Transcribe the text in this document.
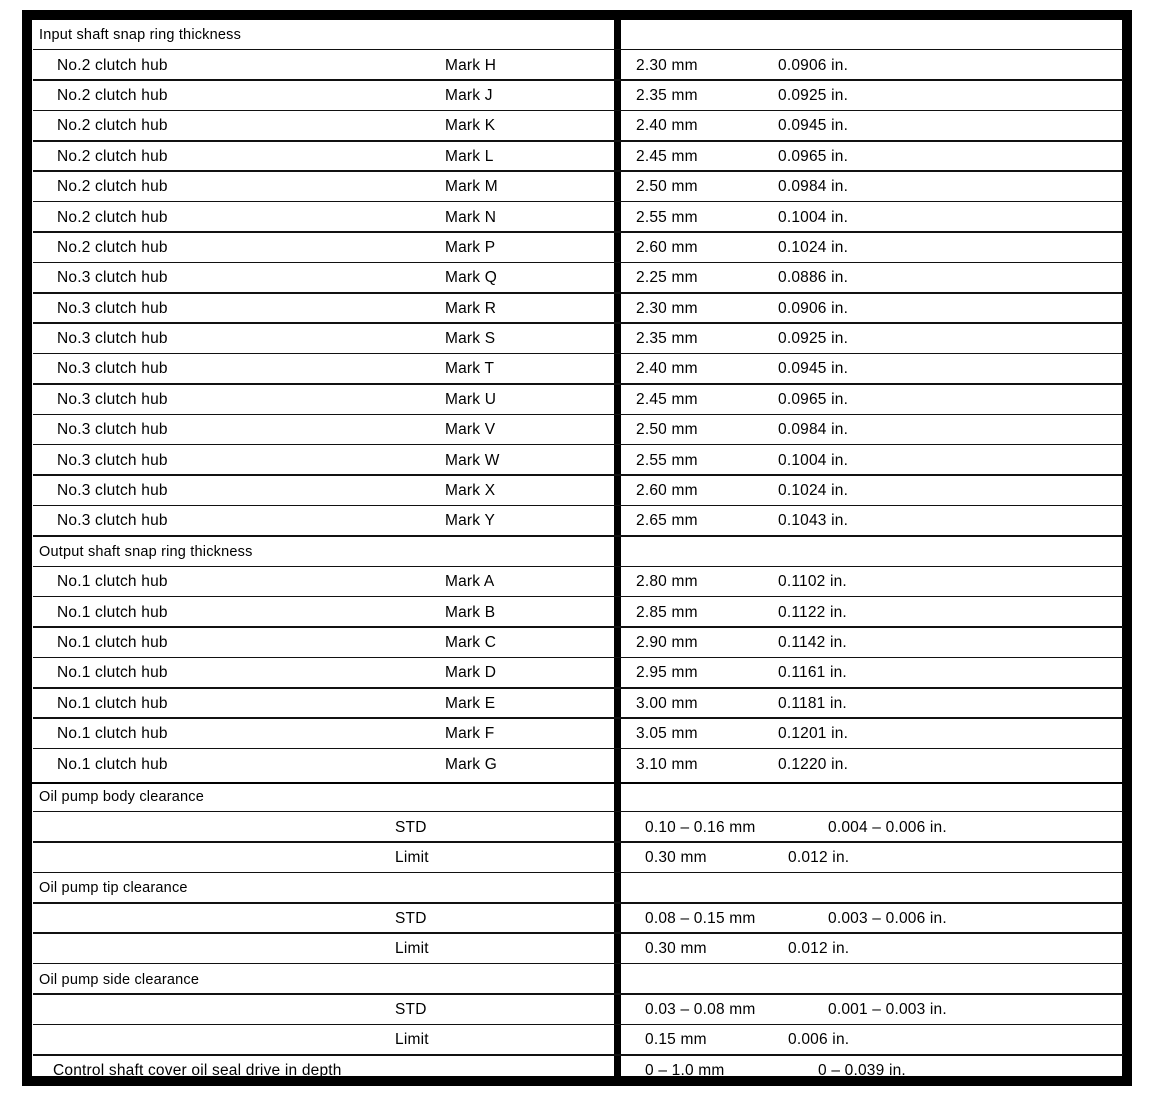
Input shaft snap ring thickness
No.2 clutch hub	Mark H	2.30 mm	0.0906 in.
No.2 clutch hub	Mark J	2.35 mm	0.0925 in.
No.2 clutch hub	Mark K	2.40 mm	0.0945 in.
No.2 clutch hub	Mark L	2.45 mm	0.0965 in.
No.2 clutch hub	Mark M	2.50 mm	0.0984 in.
No.2 clutch hub	Mark N	2.55 mm	0.1004 in.
No.2 clutch hub	Mark P	2.60 mm	0.1024 in.
No.3 clutch hub	Mark Q	2.25 mm	0.0886 in.
No.3 clutch hub	Mark R	2.30 mm	0.0906 in.
No.3 clutch hub	Mark S	2.35 mm	0.0925 in.
No.3 clutch hub	Mark T	2.40 mm	0.0945 in.
No.3 clutch hub	Mark U	2.45 mm	0.0965 in.
No.3 clutch hub	Mark V	2.50 mm	0.0984 in.
No.3 clutch hub	Mark W	2.55 mm	0.1004 in.
No.3 clutch hub	Mark X	2.60 mm	0.1024 in.
No.3 clutch hub	Mark Y	2.65 mm	0.1043 in.
Output shaft snap ring thickness
No.1 clutch hub	Mark A	2.80 mm	0.1102 in.
No.1 clutch hub	Mark B	2.85 mm	0.1122 in.
No.1 clutch hub	Mark C	2.90 mm	0.1142 in.
No.1 clutch hub	Mark D	2.95 mm	0.1161 in.
No.1 clutch hub	Mark E	3.00 mm	0.1181 in.
No.1 clutch hub	Mark F	3.05 mm	0.1201 in.
No.1 clutch hub	Mark G	3.10 mm	0.1220 in.
Oil pump body clearance
STD	0.10 – 0.16 mm	0.004 – 0.006 in.
Limit	0.30 mm	0.012 in.
Oil pump tip clearance
STD	0.08 – 0.15 mm	0.003 – 0.006 in.
Limit	0.30 mm	0.012 in.
Oil pump side clearance
STD	0.03 – 0.08 mm	0.001 – 0.003 in.
Limit	0.15 mm	0.006 in.
Control shaft cover oil seal drive in depth	0 – 1.0 mm	0 – 0.039 in.
